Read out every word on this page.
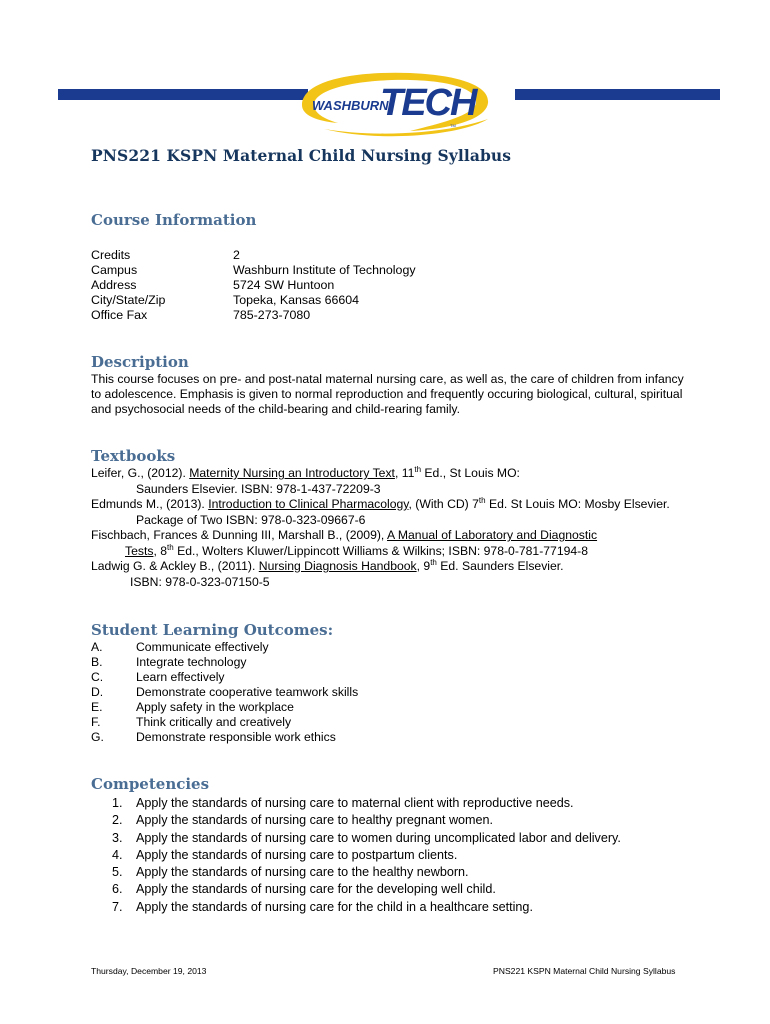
WASHBURN
TECH
TM
PNS221 KSPN Maternal Child Nursing Syllabus
Course Information
Credits	2
Campus	Washburn Institute of Technology
Address	5724 SW Huntoon
City/State/Zip	Topeka, Kansas 66604
Office Fax	785-273-7080
Description

This course focuses on pre- and post-natal maternal nursing care, as well as, the care of children from infancy to adolescence. Emphasis is given to normal reproduction and frequently occuring biological, cultural, spiritual and psychosocial needs of the child-bearing and child-rearing family.

Textbooks
Leifer, G., (2012). Maternity Nursing an Introductory Text, 11th Ed., St Louis MO:
Saunders Elsevier. ISBN: 978-1-437-72209-3
Edmunds M., (2013). Introduction to Clinical Pharmacology, (With CD) 7th Ed. St Louis MO: Mosby Elsevier.
Package of Two ISBN: 978-0-323-09667-6
Fischbach, Frances & Dunning III, Marshall B., (2009), A Manual of Laboratory and Diagnostic
Tests, 8th Ed., Wolters Kluwer/Lippincott Williams & Wilkins; ISBN: 978-0-781-77194-8
Ladwig G. & Ackley B., (2011). Nursing Diagnosis Handbook, 9th Ed. Saunders Elsevier.
ISBN: 978-0-323-07150-5
Student Learning Outcomes:
A.	Communicate effectively
B.	Integrate technology
C.	Learn effectively
D.	Demonstrate cooperative teamwork skills
E.	Apply safety in the workplace
F.	Think critically and creatively
G.	Demonstrate responsible work ethics
Competencies
1. Apply the standards of nursing care to maternal client with reproductive needs.
2. Apply the standards of nursing care to healthy pregnant women.
3. Apply the standards of nursing care to women during uncomplicated labor and delivery.
4. Apply the standards of nursing care to postpartum clients.
5. Apply the standards of nursing care to the healthy newborn.
6. Apply the standards of nursing care for the developing well child.
7. Apply the standards of nursing care for the child in a healthcare setting.
Thursday, December 19, 2013	PNS221 KSPN Maternal Child Nursing Syllabus
